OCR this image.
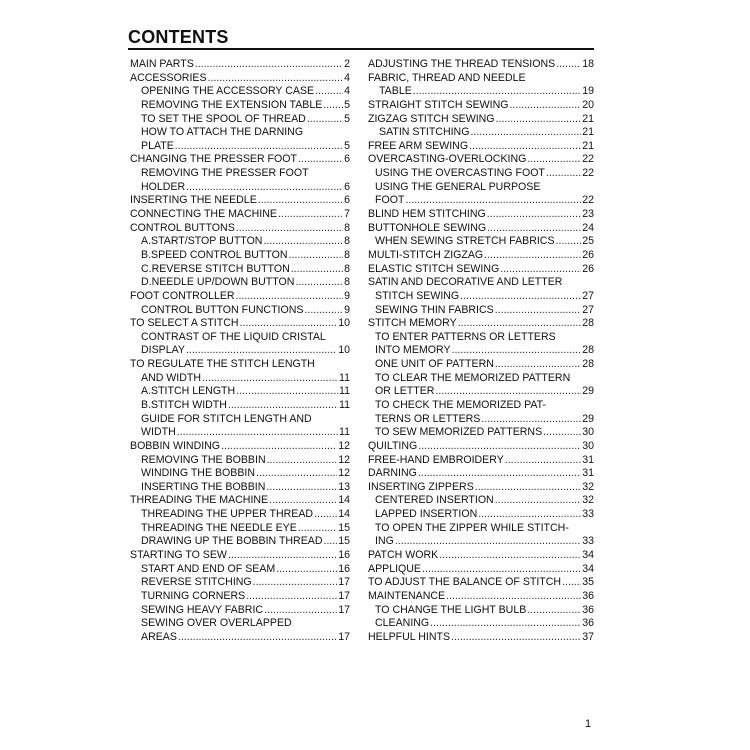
CONTENTS
MAIN PARTS .....	2
ACCESSORIES .....	4
OPENING THE ACCESSORY CASE .....	4
REMOVING THE EXTENSION TABLE ..... 5
TO SET THE SPOOL OF THREAD .....	5
HOW TO ATTACH THE DARNING
PLATE .....	5
CHANGING THE PRESSER FOOT .....	6
REMOVING THE PRESSER FOOT
HOLDER .....	6
INSERTING THE NEEDLE .....	6
CONNECTING THE MACHINE .....	7
CONTROL BUTTONS .....	8
A.START/STOP BUTTON .....	8
B.SPEED CONTROL BUTTON .....	8
C.REVERSE STITCH BUTTON .....	8
D.NEEDLE UP/DOWN BUTTON .....	8
FOOT CONTROLLER .....	9
CONTROL BUTTON FUNCTIONS .....	9
TO SELECT A STITCH .....	10
CONTRAST OF THE LIQUID CRISTAL
DISPLAY .....	10
TO REGULATE THE STITCH LENGTH
AND WIDTH .....	11
A.STITCH LENGTH .....	11
B.STITCH WIDTH .....	11
GUIDE FOR STITCH LENGTH AND
WIDTH .....	11
BOBBIN WINDING .....	12
REMOVING THE BOBBIN .....	12
WINDING THE BOBBIN .....	12
INSERTING THE BOBBIN .....	13
THREADING THE MACHINE .....	14
THREADING THE UPPER THREAD ..... 14
THREADING THE NEEDLE EYE .....	15
DRAWING UP THE BOBBIN THREAD ..... 15
STARTING TO SEW .....	16
START AND END OF SEAM .....	16
REVERSE STITCHING .....	17
TURNING CORNERS .....	17
SEWING HEAVY FABRIC .....	17
SEWING OVER OVERLAPPED
AREAS .....	17
ADJUSTING THE THREAD TENSIONS .....	18
FABRIC, THREAD AND NEEDLE
TABLE .....	19
STRAIGHT STITCH SEWING .....	20
ZIGZAG STITCH SEWING .....	21
SATIN STITCHING .....	21
FREE ARM SEWING .....	21
OVERCASTING-OVERLOCKING .....	22
USING THE OVERCASTING FOOT .....	22
USING THE GENERAL PURPOSE
FOOT .....	22
BLIND HEM STITCHING .....	23
BUTTONHOLE SEWING .....	24
WHEN SEWING STRETCH FABRICS .....	25
MULTI-STITCH ZIGZAG .....	26
ELASTIC STITCH SEWING .....	26
SATIN AND DECORATIVE AND LETTER
STITCH SEWING .....	27
SEWING THIN FABRICS .....	27
STITCH MEMORY .....	28
TO ENTER PATTERNS OR LETTERS
INTO MEMORY .....	28
ONE UNIT OF PATTERN .....	28
TO CLEAR THE MEMORIZED PATTERN
OR LETTER .....	29
TO CHECK THE MEMORIZED PAT-
TERNS OR LETTERS .....	29
TO SEW MEMORIZED PATTERNS .....	30
QUILTING .....	30
FREE-HAND EMBROIDERY .....	31
DARNING .....	31
INSERTING ZIPPERS .....	32
CENTERED INSERTION .....	32
LAPPED INSERTION .....	33
TO OPEN THE ZIPPER WHILE STITCH-
ING .....	33
PATCH WORK .....	34
APPLIQUE .....	34
TO ADJUST THE BALANCE OF STITCH ..... 35
MAINTENANCE .....	36
TO CHANGE THE LIGHT BULB .....	36
CLEANING .....	36
HELPFUL HINTS .....	37
1
